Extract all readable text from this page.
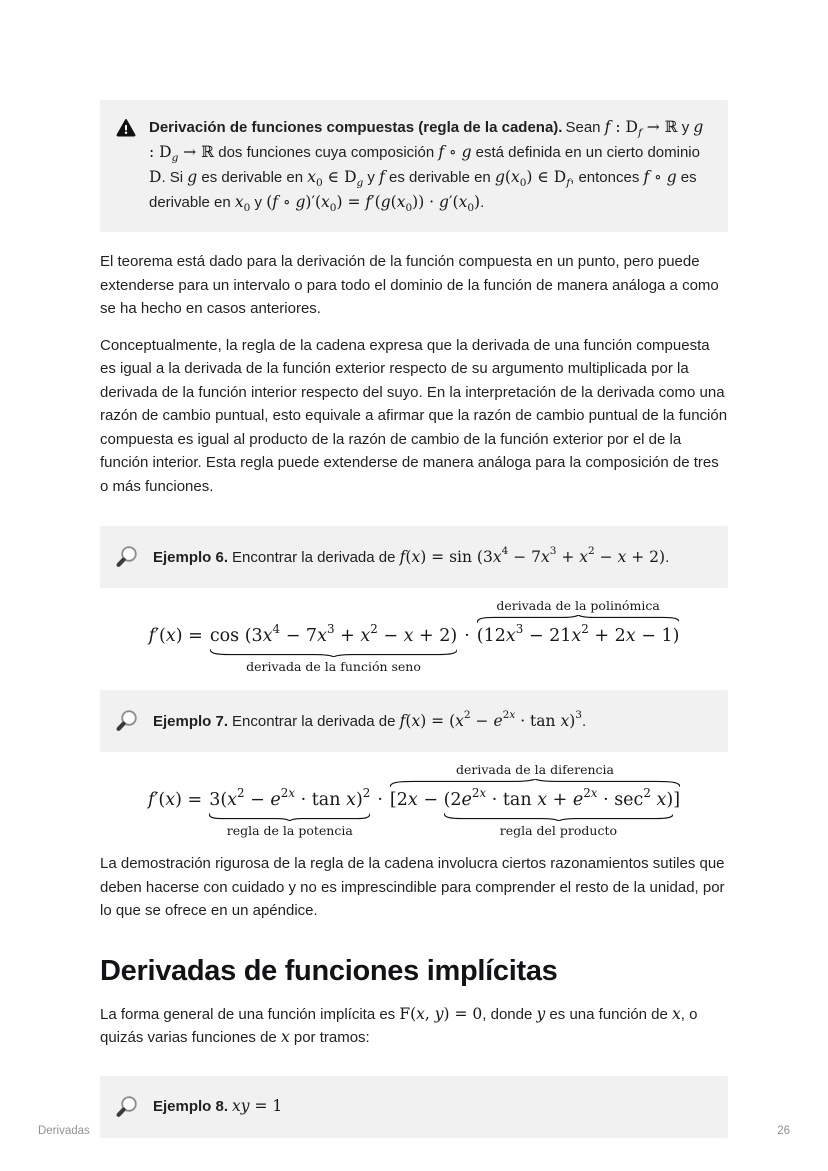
Derivación de funciones compuestas (regla de la cadena). Sean f : $D_f$ → ℝ y g : $D_g$ → ℝ dos funciones cuya composición f ∘ g está definida en un cierto dominio D. Si g es derivable en $x_0$ ∈ $D_g$ y f es derivable en $g(x_0)$ ∈ $D_f$, entonces f ∘ g es derivable en $x_0$ y (f ∘ $g)'(x_0) = f'(g(x_0)) \cdot g'(x_0)$.

El teorema está dado para la derivación de la función compuesta en un punto, pero puede extenderse para un intervalo o para todo el dominio de la función de manera análoga a como se ha hecho en casos anteriores.

Conceptualmente, la regla de la cadena expresa que la derivada de una función compuesta es igual a la derivada de la función exterior respecto de su argumento multiplicada por la derivada de la función interior respecto del suyo. En la interpretación de la derivada como una razón de cambio puntual, esto equivale a afirmar que la razón de cambio puntual de la función compuesta es igual al producto de la razón de cambio de la función exterior por el de la función interior. Esta regla puede extenderse de manera análoga para la composición de tres o más funciones.

Ejemplo 6. Encontrar la derivada de $f(x) = \sin (3x^4 - 7x^3 + x^2 - x + 2)$.

$f'(x) = \cos (3x^4 - 7x^3 + x^2 - x + 2)$
derivada de la función seno
· $(12x^3 - 21x^2 + 2x - 1)$
derivada de la polinómica

Ejemplo 7. Encontrar la derivada de $f(x) = (x^2 - e^{2x} \cdot \tan x)^3$.

$f'(x) = 3(x^2 - e^{2x} \cdot \tan x)^2$
regla de la potencia
· [$2x - (2e^{2x} \cdot \tan x + e^{2x} \cdot \sec^2 x)$
regla del producto
]
derivada de la diferencia

La demostración rigurosa de la regla de la cadena involucra ciertos razonamientos sutiles que deben hacerse con cuidado y no es imprescindible para comprender el resto de la unidad, por lo que se ofrece en un apéndice.

Derivadas de funciones implícitas

La forma general de una función implícita es F(x, y) = 0, donde y es una función de x, o quizás varias funciones de x por tramos:

Ejemplo 8. xy = 1

Derivadas	26
